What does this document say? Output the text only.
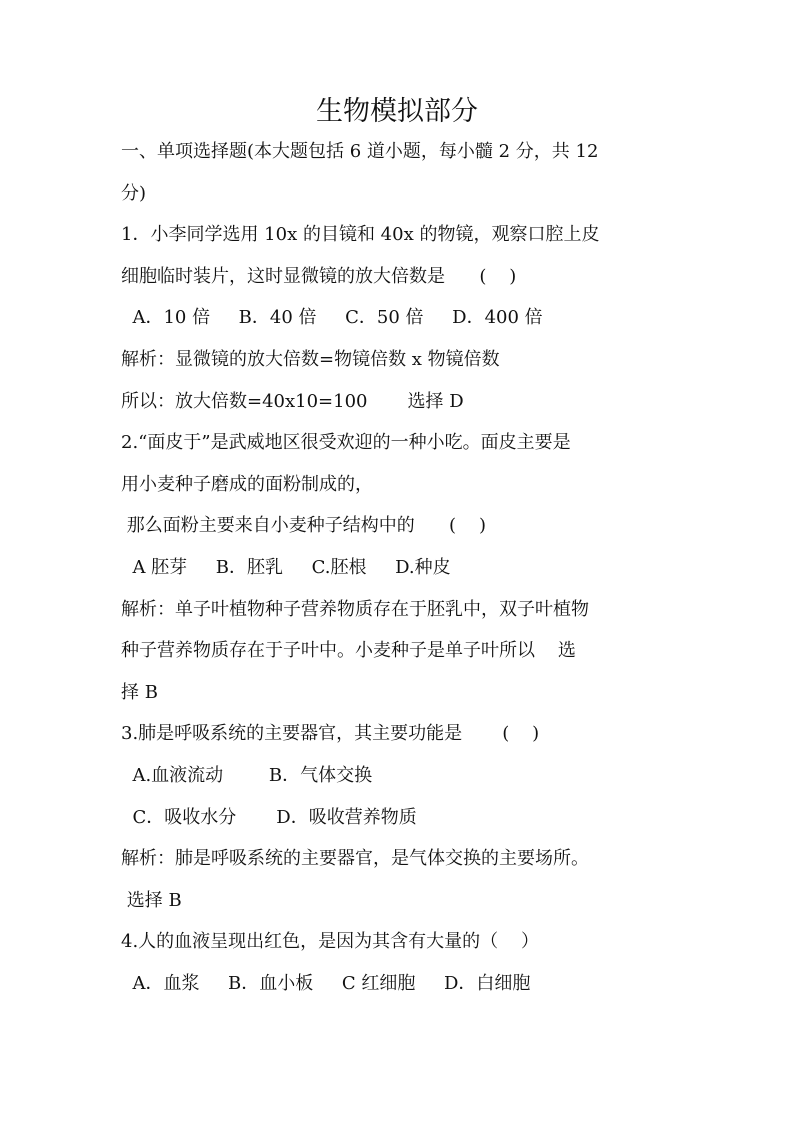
生物模拟部分
一、单项选择题(本大题包括 6 道小题，每小髓 2 分，共 12
分)
1．小李同学选用 10x 的目镜和 40x 的物镜，观察口腔上皮
细胞临时装片，这时显微镜的放大倍数是      (    )
A．10 倍     B．40 倍     C．50 倍     D．400 倍
解析：显微镜的放大倍数=物镜倍数 x 物镜倍数
所以：放大倍数=40x10=100       选择 D
2.“面皮于”是武威地区很受欢迎的一种小吃。面皮主要是
用小麦种子磨成的面粉制成的，
那么面粉主要来自小麦种子结构中的      (    )
A 胚芽     B．胚乳     C.胚根     D.种皮
解析：单子叶植物种子营养物质存在于胚乳中，双子叶植物
种子营养物质存在于子叶中。小麦种子是单子叶所以    选
择 B
3.肺是呼吸系统的主要器官，其主要功能是       (    )
A.血液流动        B．气体交换
C．吸收水分       D．吸收营养物质
解析：肺是呼吸系统的主要器官，是气体交换的主要场所。
选择 B
4.人的血液呈现出红色，是因为其含有大量的（    ）
A．血浆     B．血小板     C 红细胞     D．白细胞
